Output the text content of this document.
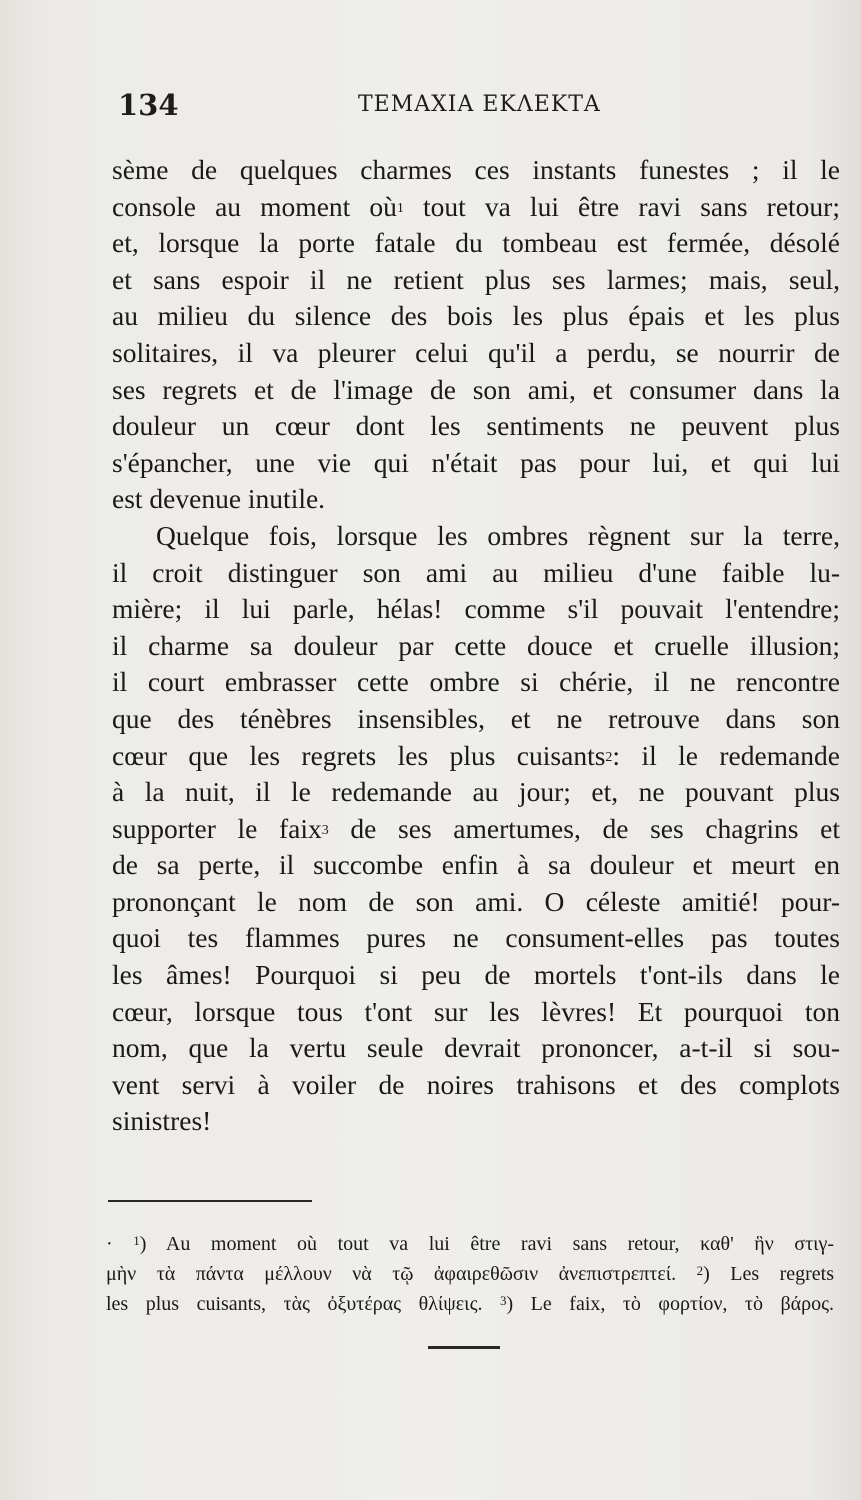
134	ΤΕΜΑΧΙΑ ΕΚΛΕΚΤΑ
sème de quelques charmes ces instants funestes ; il le
console au moment $où^1$ tout va lui être ravi sans retour;
et, lorsque la porte fatale du tombeau est fermée, désolé
et sans espoir il ne retient plus ses larmes; mais, seul,
au milieu du silence des bois les plus épais et les plus
solitaires, il va pleurer celui qu'il a perdu, se nourrir de
ses regrets et de l'image de son ami, et consumer dans la
douleur un cœur dont les sentiments ne peuvent plus
s'épancher, une vie qui n'était pas pour lui, et qui lui
est devenue inutile.
Quelque fois, lorsque les ombres règnent sur la terre,
il croit distinguer son ami au milieu d'une faible lu-
mière; il lui parle, hélas! comme s'il pouvait l'entendre;
il charme sa douleur par cette douce et cruelle illusion;
il court embrasser cette ombre si chérie, il ne rencontre
que des ténèbres insensibles, et ne retrouve dans son
cœur que les regrets les plus cuisants$^2$: il le redemande
à la nuit, il le redemande au jour; et, ne pouvant plus
supporter le faix$^3$ de ses amertumes, de ses chagrins et
de sa perte, il succombe enfin à sa douleur et meurt en
prononçant le nom de son ami. O céleste amitié! pour-
quoi tes flammes pures ne consument-elles pas toutes
les âmes! Pourquoi si peu de mortels t'ont-ils dans le
cœur, lorsque tous t'ont sur les lèvres! Et pourquoi ton
nom, que la vertu seule devrait prononcer, a-t-il si sou-
vent servi à voiler de noires trahisons et des complots
sinistres!
· $^1$) Au moment où tout va lui être ravi sans retour, καθ' ἣν στιγ-
μὴν τὰ πάντα μέλλουν νὰ τῷ ἀφαιρεθῶσιν ἀνεπιστρεπτεί. $^2$) Les regrets
les plus cuisants, τὰς ὀξυτέρας θλίψεις. $^3$) Le faix, τὸ φορτίον, τὸ βάρος.
